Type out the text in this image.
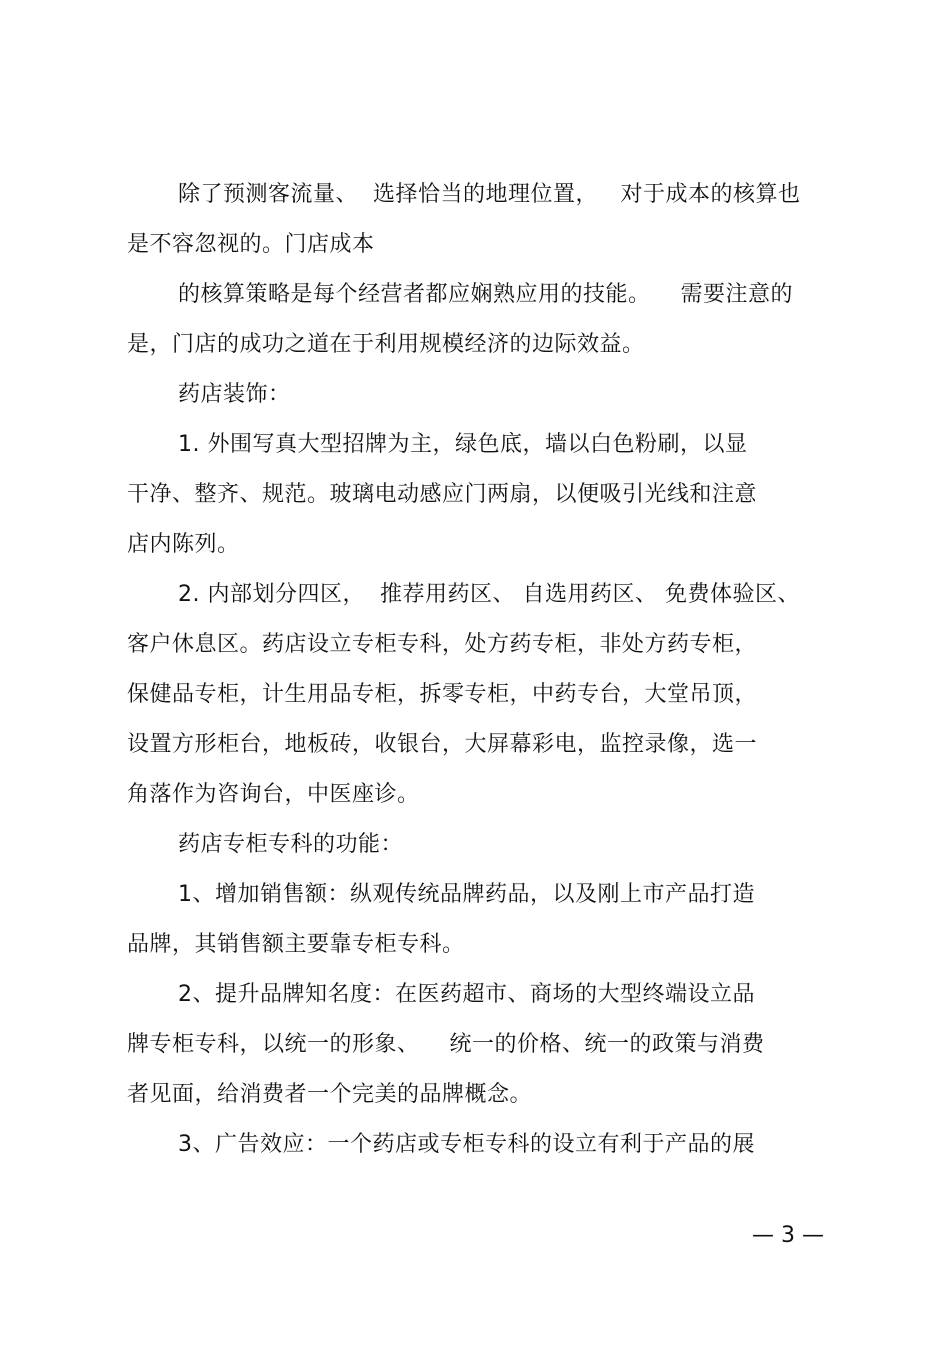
除了预测客流量、  选择恰当的地理位置，   对于成本的核算也
是不容忽视的。门店成本
的核算策略是每个经营者都应娴熟应用的技能。    需要注意的
是，门店的成功之道在于利用规模经济的边际效益。
药店装饰：
1. 外围写真大型招牌为主，绿色底，墙以白色粉刷，以显
干净、整齐、规范。玻璃电动感应门两扇，以便吸引光线和注意
店内陈列。
2. 内部划分四区，  推荐用药区、 自选用药区、 免费体验区、
客户休息区。药店设立专柜专科，处方药专柜，非处方药专柜，
保健品专柜，计生用品专柜，拆零专柜，中药专台，大堂吊顶，
设置方形柜台，地板砖，收银台，大屏幕彩电，监控录像，选一
角落作为咨询台，中医座诊。
药店专柜专科的功能：
1、增加销售额：纵观传统品牌药品，以及刚上市产品打造
品牌，其销售额主要靠专柜专科。
2、提升品牌知名度：在医药超市、商场的大型终端设立品
牌专柜专科，以统一的形象、    统一的价格、统一的政策与消费
者见面，给消费者一个完美的品牌概念。
3、广告效应：一个药店或专柜专科的设立有利于产品的展
— 3 —
